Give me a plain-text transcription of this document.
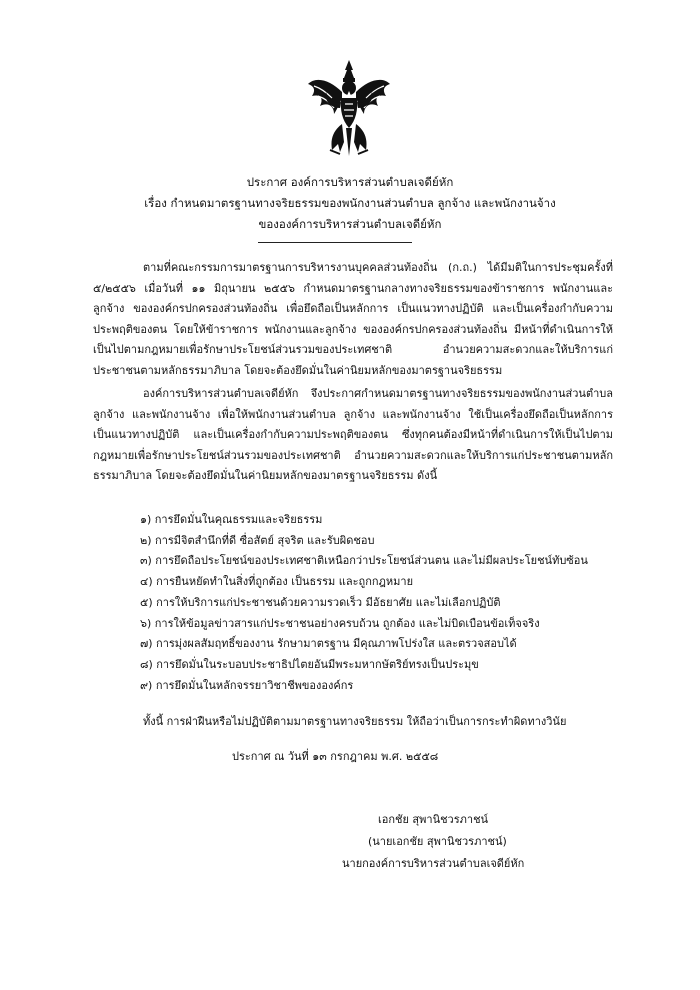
ประกาศ องค์การบริหารส่วนตำบลเจดีย์หัก
เรื่อง กำหนดมาตรฐานทางจริยธรรมของพนักงานส่วนตำบล ลูกจ้าง และพนักงานจ้าง
ขององค์การบริหารส่วนตำบลเจดีย์หัก

ตามที่คณะกรรมการมาตรฐานการบริหารงานบุคคลส่วนท้องถิ่น (ก.ถ.) ได้มีมติในการประชุมครั้งที่ ๕/๒๕๕๖ เมื่อวันที่ ๑๑ มิถุนายน ๒๕๕๖ กำหนดมาตรฐานกลางทางจริยธรรมของข้าราชการ พนักงานและลูกจ้าง ขององค์กรปกครองส่วนท้องถิ่น เพื่อยึดถือเป็นหลักการ เป็นแนวทางปฏิบัติ และเป็นเครื่องกำกับความประพฤติของตน โดยให้ข้าราชการ พนักงานและลูกจ้าง ขององค์กรปกครองส่วนท้องถิ่น มีหน้าที่ดำเนินการให้เป็นไปตามกฎหมายเพื่อรักษาประโยชน์ส่วนรวมของประเทศชาติ อำนวยความสะดวกและให้บริการแก่ประชาชนตามหลักธรรมาภิบาล โดยจะต้องยึดมั่นในค่านิยมหลักของมาตรฐานจริยธรรม

องค์การบริหารส่วนตำบลเจดีย์หัก จึงประกาศกำหนดมาตรฐานทางจริยธรรมของพนักงานส่วนตำบล ลูกจ้าง และพนักงานจ้าง เพื่อให้พนักงานส่วนตำบล ลูกจ้าง และพนักงานจ้าง ใช้เป็นเครื่องยึดถือเป็นหลักการ เป็นแนวทางปฏิบัติ และเป็นเครื่องกำกับความประพฤติของตน ซึ่งทุกคนต้องมีหน้าที่ดำเนินการให้เป็นไปตามกฎหมายเพื่อรักษาประโยชน์ส่วนรวมของประเทศชาติ อำนวยความสะดวกและให้บริการแก่ประชาชนตามหลักธรรมาภิบาล โดยจะต้องยึดมั่นในค่านิยมหลักของมาตรฐานจริยธรรม ดังนี้

๑) การยึดมั่นในคุณธรรมและจริยธรรม
๒) การมีจิตสำนึกที่ดี ซื่อสัตย์ สุจริต และรับผิดชอบ
๓) การยึดถือประโยชน์ของประเทศชาติเหนือกว่าประโยชน์ส่วนตน และไม่มีผลประโยชน์ทับซ้อน
๔) การยืนหยัดทำในสิ่งที่ถูกต้อง เป็นธรรม และถูกกฎหมาย
๕) การให้บริการแก่ประชาชนด้วยความรวดเร็ว มีอัธยาศัย และไม่เลือกปฏิบัติ
๖) การให้ข้อมูลข่าวสารแก่ประชาชนอย่างครบถ้วน ถูกต้อง และไม่บิดเบือนข้อเท็จจริง
๗) การมุ่งผลสัมฤทธิ์ของงาน รักษามาตรฐาน มีคุณภาพโปร่งใส และตรวจสอบได้
๘) การยึดมั่นในระบอบประชาธิปไตยอันมีพระมหากษัตริย์ทรงเป็นประมุข
๙) การยึดมั่นในหลักจรรยาวิชาชีพขององค์กร
ทั้งนี้ การฝ่าฝืนหรือไม่ปฏิบัติตามมาตรฐานทางจริยธรรม ให้ถือว่าเป็นการกระทำผิดทางวินัย
ประกาศ ณ วันที่ ๑๓ กรกฎาคม พ.ศ. ๒๕๕๘
เอกชัย สุพานิชวรภาชน์
(นายเอกชัย สุพานิชวรภาชน์)
นายกองค์การบริหารส่วนตำบลเจดีย์หัก
